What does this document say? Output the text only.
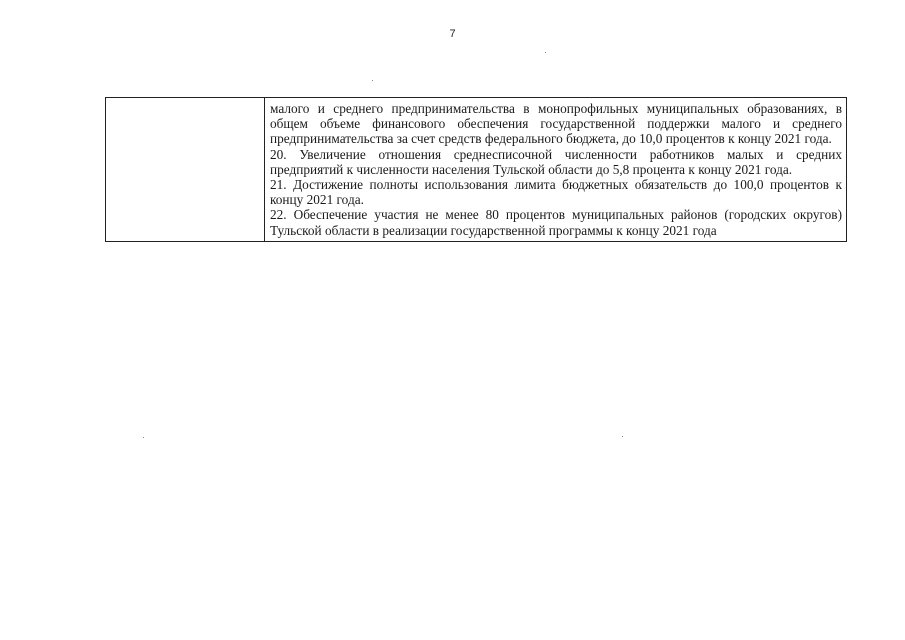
7

малого и среднего предпринимательства в монопрофильных муниципальных образованиях, в общем объеме финансового обеспечения государственной поддержки малого и среднего предпринимательства за счет средств федерального бюджета, до 10,0 процентов к концу 2021 года.

20. Увеличение отношения среднесписочной численности работников малых и средних предприятий к численности населения Тульской области до 5,8 процента к концу 2021 года.

21. Достижение полноты использования лимита бюджетных обязательств до 100,0 процентов к концу 2021 года.

22. Обеспечение участия не менее 80 процентов муниципальных районов (городских округов) Тульской области в реализации государственной программы к концу 2021 года
